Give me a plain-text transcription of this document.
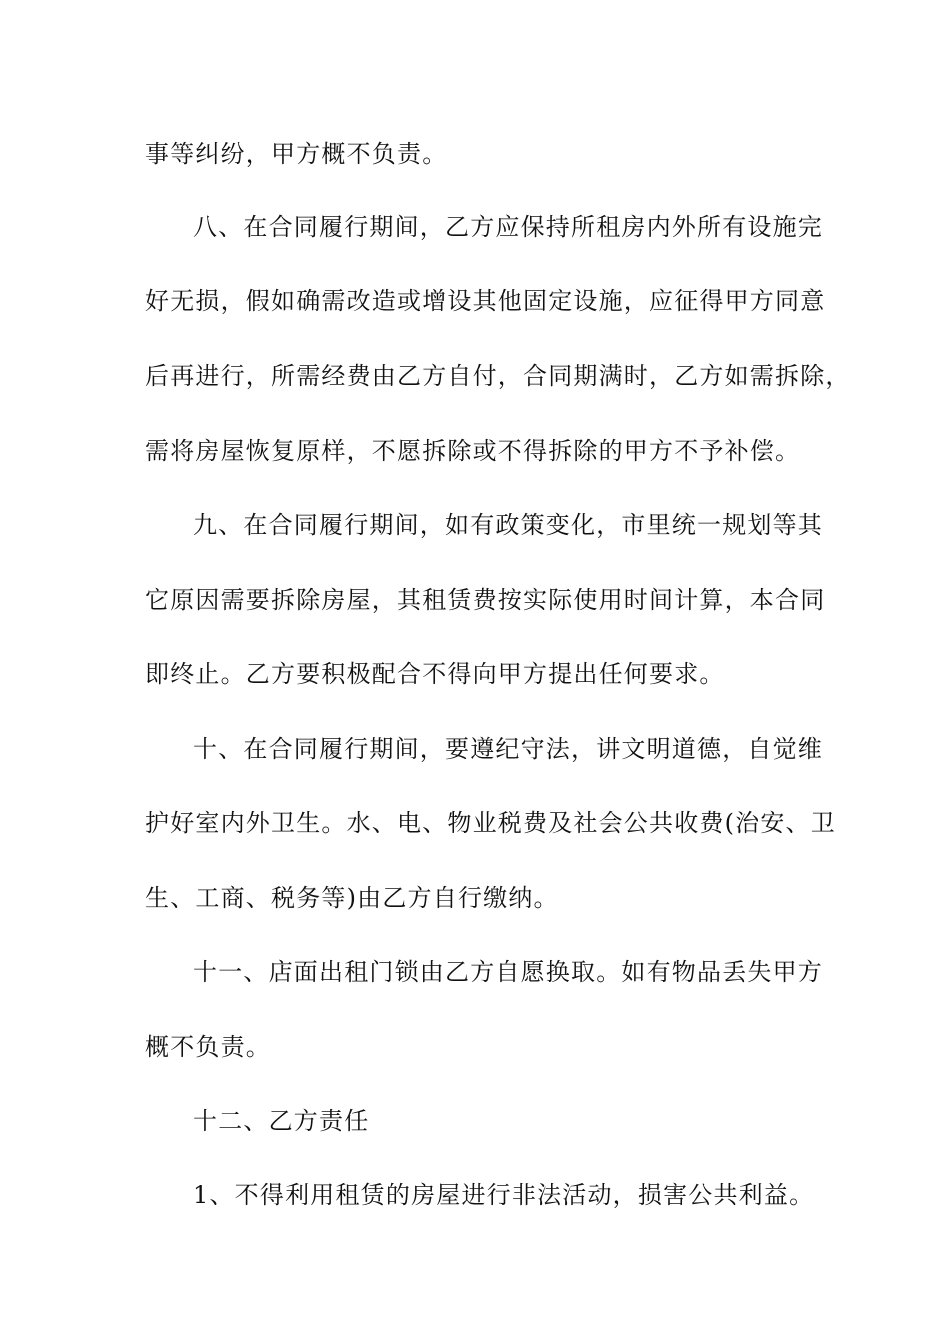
事等纠纷，甲方概不负责。
八、在合同履行期间，乙方应保持所租房内外所有设施完
好无损，假如确需改造或增设其他固定设施，应征得甲方同意
后再进行，所需经费由乙方自付，合同期满时，乙方如需拆除，
需将房屋恢复原样，不愿拆除或不得拆除的甲方不予补偿。
九、在合同履行期间，如有政策变化，市里统一规划等其
它原因需要拆除房屋，其租赁费按实际使用时间计算，本合同
即终止。乙方要积极配合不得向甲方提出任何要求。
十、在合同履行期间，要遵纪守法，讲文明道德，自觉维
护好室内外卫生。水、电、物业税费及社会公共收费(治安、卫
生、工商、税务等)由乙方自行缴纳。
十一、店面出租门锁由乙方自愿换取。如有物品丢失甲方
概不负责。
十二、乙方责任
1、不得利用租赁的房屋进行非法活动，损害公共利益。
